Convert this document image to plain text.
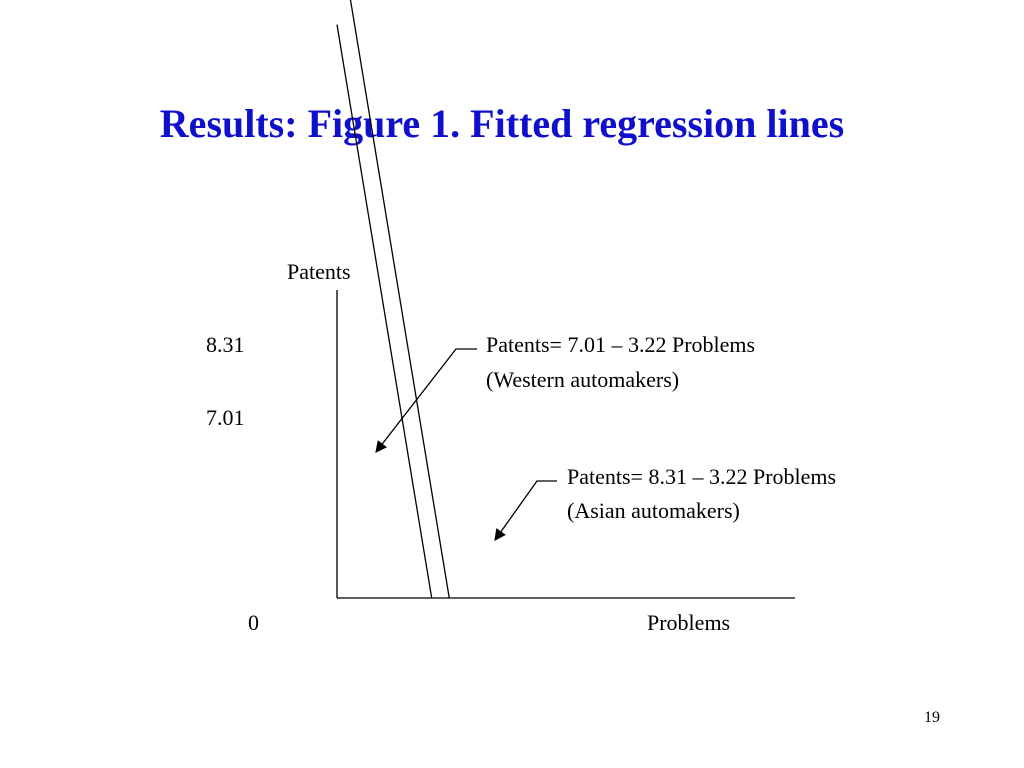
Results: Figure 1. Fitted regression lines
Patents
Problems
8.31
7.01
0
Patents= 7.01 – 3.22 Problems
(Western automakers)
Patents= 8.31 – 3.22 Problems
(Asian automakers)
19
